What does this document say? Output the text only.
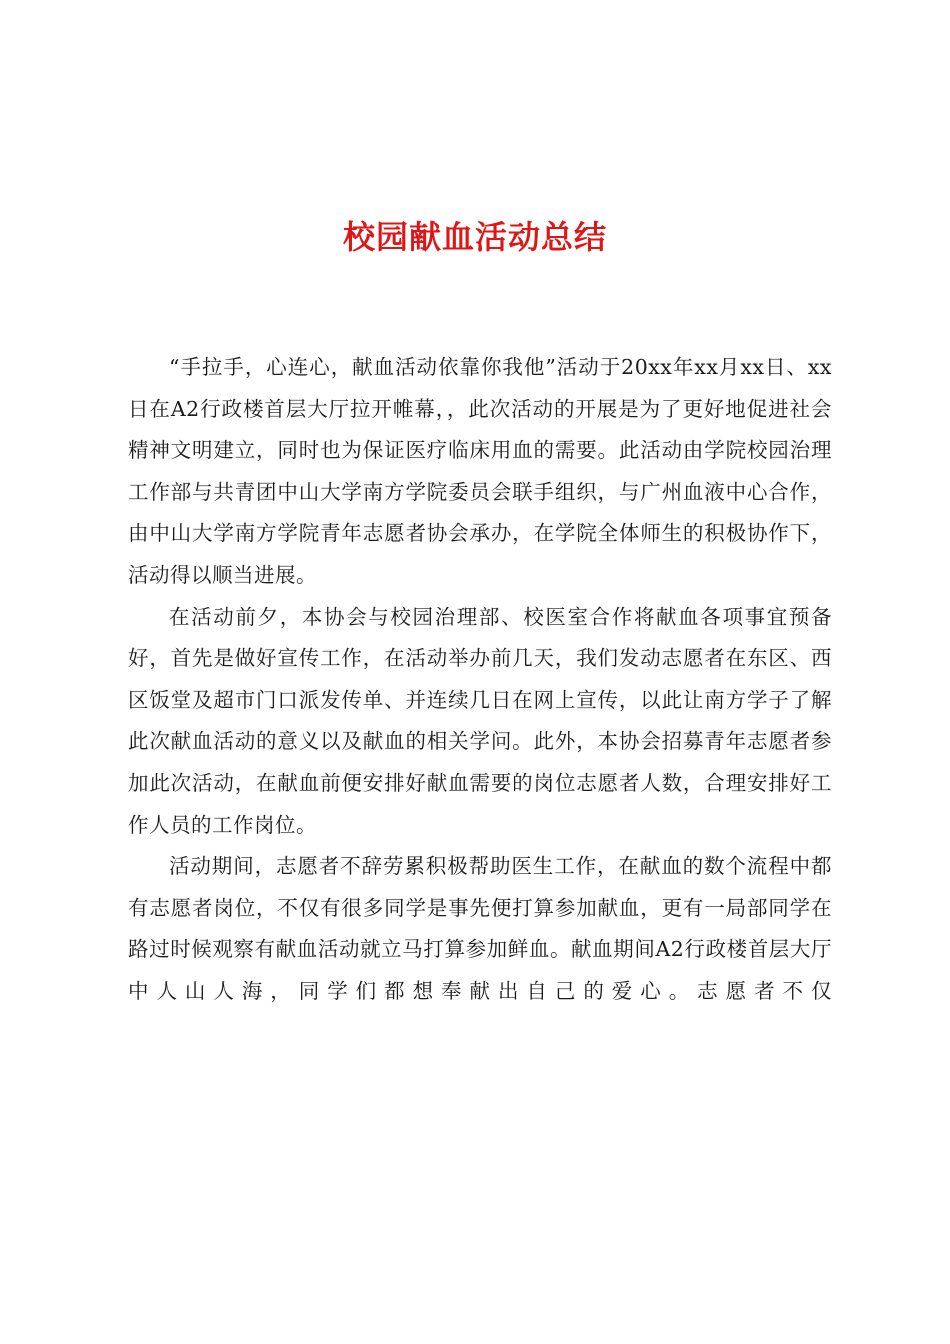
校园献血活动总结

“手拉手，心连心，献血活动依靠你我他”活动于20xx年xx月xx日、xx日在A2行政楼首层大厅拉开帷幕，，此次活动的开展是为了更好地促进社会精神文明建立，同时也为保证医疗临床用血的需要。此活动由学院校园治理工作部与共青团中山大学南方学院委员会联手组织，与广州血液中心合作，由中山大学南方学院青年志愿者协会承办，在学院全体师生的积极协作下，活动得以顺当进展。

在活动前夕，本协会与校园治理部、校医室合作将献血各项事宜预备好，首先是做好宣传工作，在活动举办前几天，我们发动志愿者在东区、西区饭堂及超市门口派发传单、并连续几日在网上宣传，以此让南方学子了解此次献血活动的意义以及献血的相关学问。此外，本协会招募青年志愿者参加此次活动，在献血前便安排好献血需要的岗位志愿者人数，合理安排好工作人员的工作岗位。

活动期间，志愿者不辞劳累积极帮助医生工作，在献血的数个流程中都有志愿者岗位，不仅有很多同学是事先便打算参加献血，更有一局部同学在路过时候观察有献血活动就立马打算参加鲜血。献血期间A2行政楼首层大厅中人山人海，同学们都想奉献出自己的爱心。志愿者不仅
